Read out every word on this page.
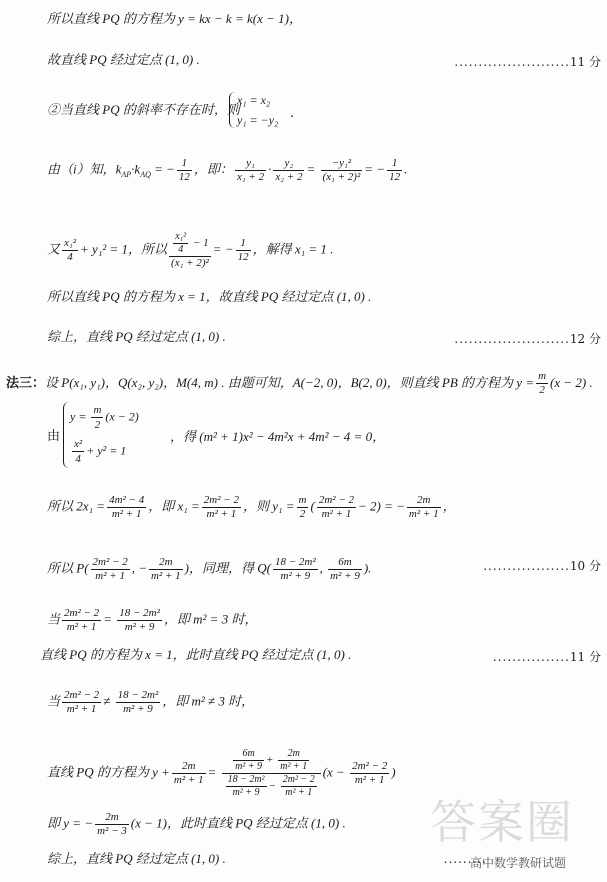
所以直线 PQ 的方程为 y = kx − k = k(x − 1)，
故直线 PQ 经过定点 (1, 0) .	........................11 分
②当直线 PQ 的斜率不存在时，则
x₁ = x₂
y₁ = −y₂ .
由（i）知，$k_{AP}\cdot k_{AQ}$ = − $\frac{1}{12}$ ，即： $\frac{\text{y₁}}{\text{x₁ + 2}} \cdot \frac{\text{y₂}}{\text{x₂ + 2}} = \frac{\text{−y₁²}}{\text{(x₁ + 2)²}}$ = − $\frac{1}{12}$ .
又 $\frac{\text{x₁²}}{4} + y_1^2 = 1$，所以 $\frac{\frac{\text{x₁²}}{4} - 1}{\text{(x₁ + 2)²}}$ = − $\frac{1}{12}$ ，解得 x₁ = 1 .
所以直线 PQ 的方程为 x = 1，故直线 PQ 经过定点 (1, 0) .
综上，直线 PQ 经过定点 (1, 0) .	........................12 分
法三：设 P(x₁, y₁)，Q(x₂, y₂)，M(4, m) . 由题可知，A(−2, 0)，B(2, 0)，则直线 PB 的方程为 $y = \frac{m}{2} (x - 2)$ .
由
$y = \frac{m}{2} (x - 2)$
$\frac{\text{x²}}{4} + y^2 = 1$
，得 (m² + 1)x² − 4m²x + 4m² − 4 = 0，
所以 $2x_1 = \frac{\text{4m² − 4}}{\text{m² + 1}}$ ，即 $x_1 = \frac{\text{2m² − 2}}{\text{m² + 1}}$ ，则 $y_1 = \frac{m}{2}$ ( $\frac{\text{2m² − 2}}{\text{m² + 1}} - 2$) = − $\frac{2m}{\text{m² + 1}}$ ，
所以 $P( \frac{\text{2m² − 2}}{\text{m² + 1}}$ , − $\frac{2m}{\text{m² + 1}}$ )，同理，得 $Q( \frac{\text{18 − 2m²}}{\text{m² + 9}}$ , $\frac{6m}{\text{m² + 9}}$ ).	..................10 分
当 $\frac{\text{2m² − 2}}{\text{m² + 1}} = \frac{\text{18 − 2m²}}{\text{m² + 9}}$ ，即 m² = 3 时，
直线 PQ 的方程为 x = 1，此时直线 PQ 经过定点 (1, 0) .	................11 分
当 $\frac{\text{2m² − 2}}{\text{m² + 1}} \ne \frac{\text{18 − 2m²}}{\text{m² + 9}}$ ，即 m² ≠ 3 时，
直线 PQ 的方程为 $y + \frac{2m}{\text{m² + 1}} = \frac{\frac{6m}{\text{m² + 9}} + \frac{2m}{\text{m² + 1}}}{\frac{\text{18 − 2m²}}{\text{m² + 9}} - \frac{\text{2m² − 2}}{\text{m² + 1}}} (x - \frac{\text{2m² − 2}}{\text{m² + 1}}$ )
即 y = − $\frac{2m}{\text{m² − 3}} (x - 1)$，此时直线 PQ 经过定点 (1, 0) .
综上，直线 PQ 经过定点 (1, 0) .	.........
答案圈
高中数学教研试题
